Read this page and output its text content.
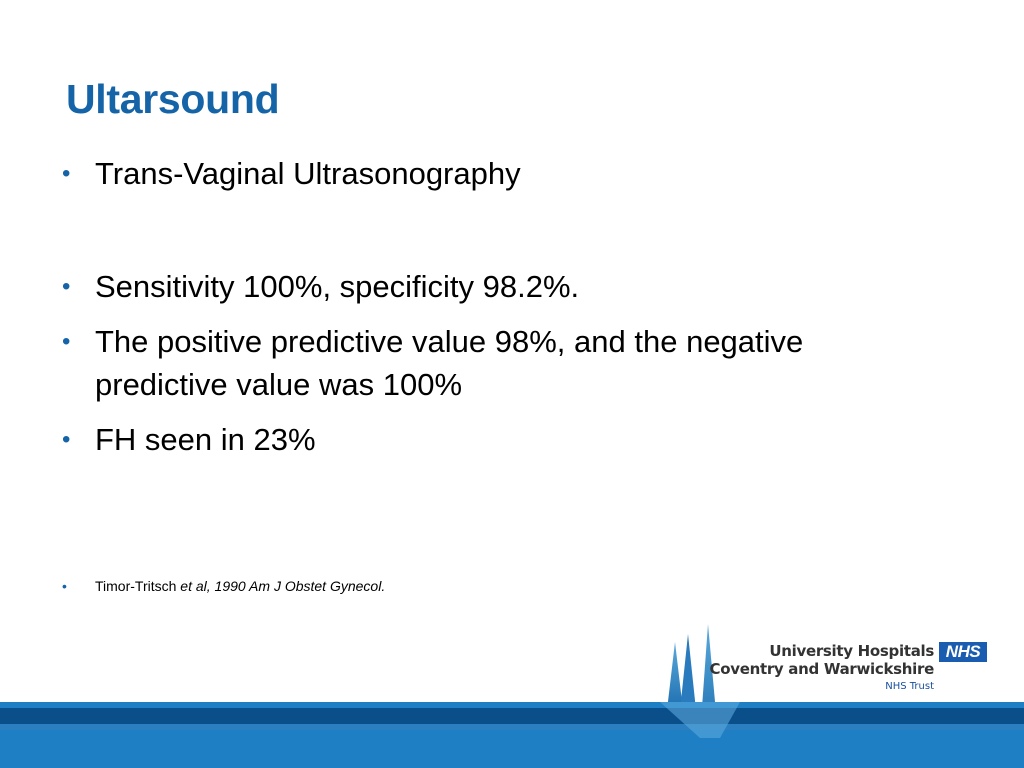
Ultarsound
• Trans-Vaginal Ultrasonography
• Sensitivity 100%, specificity 98.2%.
• The positive predictive value 98%, and the negative predictive value was 100%
• FH seen in 23%
• Timor-Tritsch et al, 1990 Am J Obstet Gynecol.
University Hospitals
Coventry and Warwickshire
NHS Trust
NHS
